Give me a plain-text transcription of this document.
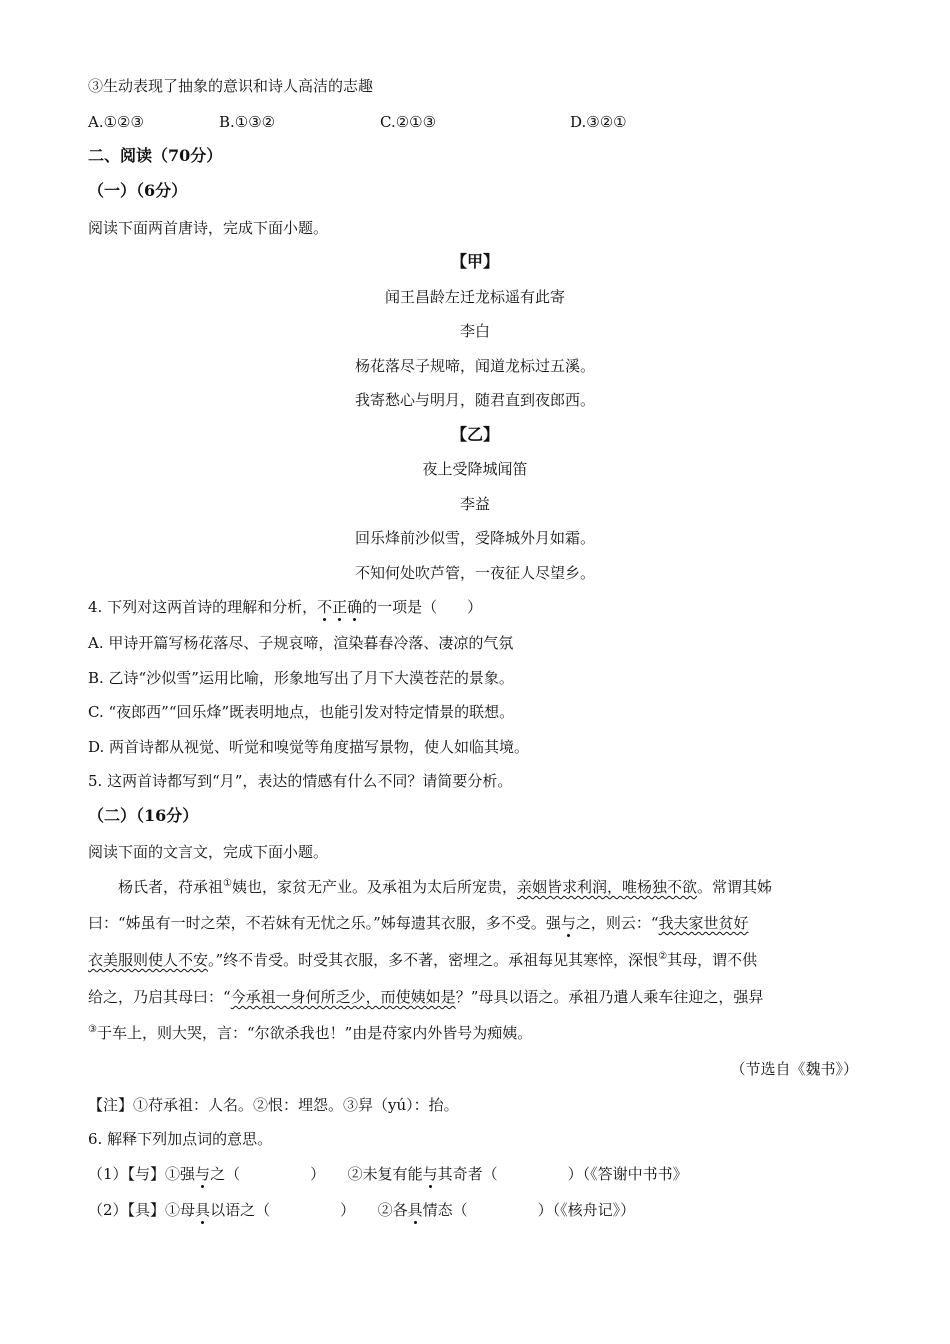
③生动表现了抽象的意识和诗人高洁的志趣
A.①②③	B.①③②	C.②①③	D.③②①
二、阅读（70分）
（一）（6分）
阅读下面两首唐诗，完成下面小题。
【甲】
闻王昌龄左迁龙标遥有此寄
李白
杨花落尽子规啼，闻道龙标过五溪。
我寄愁心与明月，随君直到夜郎西。
【乙】
夜上受降城闻笛
李益
回乐烽前沙似雪，受降城外月如霜。
不知何处吹芦管，一夜征人尽望乡。
4. 下列对这两首诗的理解和分析，不正确的一项是（　　）
A. 甲诗开篇写杨花落尽、子规哀啼，渲染暮春冷落、凄凉的气氛
B. 乙诗“沙似雪”运用比喻，形象地写出了月下大漠苍茫的景象。
C. “夜郎西”“回乐烽”既表明地点，也能引发对特定情景的联想。
D. 两首诗都从视觉、听觉和嗅觉等角度描写景物，使人如临其境。
5. 这两首诗都写到“月”，表达的情感有什么不同？请简要分析。
（二）（16分）
阅读下面的文言文，完成下面小题。
杨氏者，苻承祖①姨也，家贫无产业。及承祖为太后所宠贵，亲姻皆求利润，唯杨独不欲。常谓其姊
曰：“姊虽有一时之荣，不若妹有无忧之乐。”姊每遗其衣服，多不受。强与之，则云：“我夫家世贫好
衣美服则使人不安。”终不肯受。时受其衣服，多不著，密埋之。承祖每见其寒悴，深恨②其母，谓不供
给之，乃启其母曰：“今承祖一身何所乏少，而使姨如是？”母具以语之。承祖乃遣人乘车往迎之，强舁
③于车上，则大哭，言：“尔欲杀我也！”由是苻家内外皆号为痴姨。
（节选自《魏书》）
【注】①苻承祖：人名。②恨：埋怨。③舁（yú）：抬。
6. 解释下列加点词的意思。
（1）【与】①强与之（	）　　②未复有能与其奇者（	）（《答谢中书书》
（2）【具】①母具以语之（	）　　②各具情态（	）（《核舟记》）
